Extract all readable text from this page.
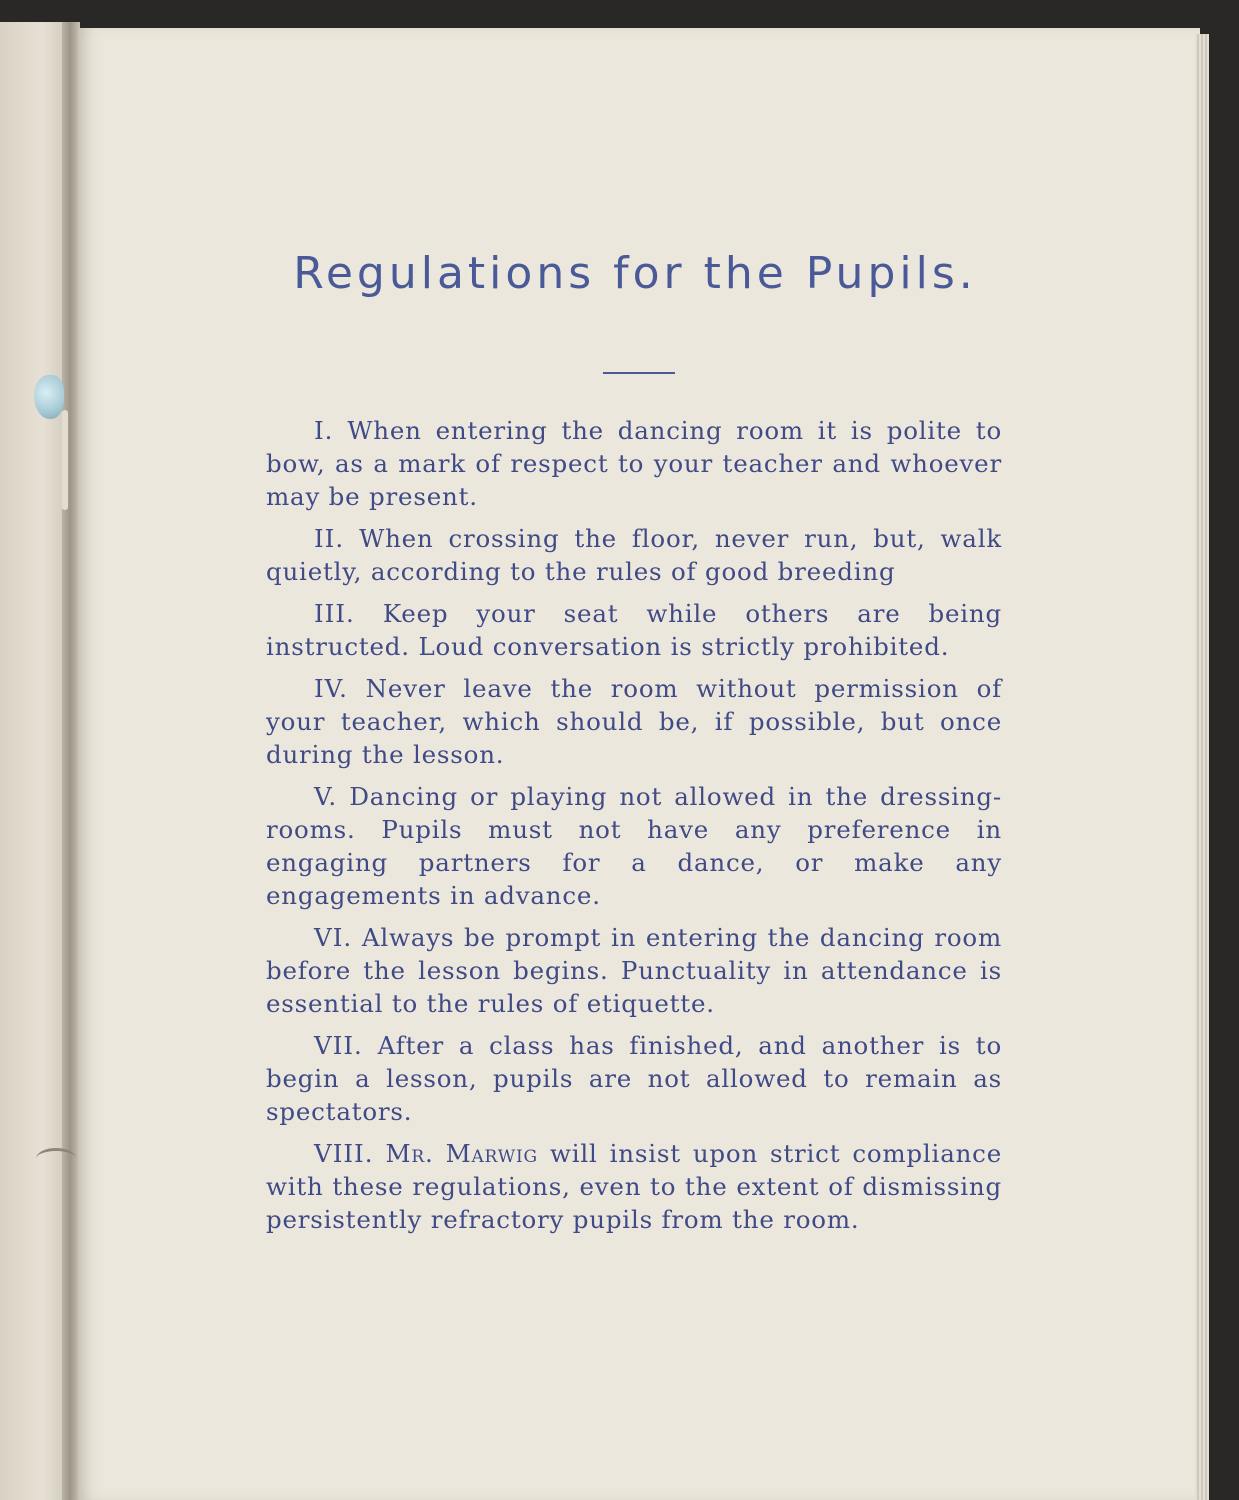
Regulations for the Pupils.

I. When entering the dancing room it is polite to bow, as a mark of respect to your teacher and whoever may be present.

II. When crossing the floor, never run, but, walk quietly, according to the rules of good breeding

III. Keep your seat while others are being instructed. Loud conversation is strictly prohibited.

IV. Never leave the room without permission of your teacher, which should be, if possible, but once during the lesson.

V. Dancing or playing not allowed in the dressing-rooms. Pupils must not have any preference in engaging partners for a dance, or make any engagements in advance.

VI. Always be prompt in entering the dancing room before the lesson begins. Punctuality in attendance is essential to the rules of etiquette.

VII. After a class has finished, and another is to begin a lesson, pupils are not allowed to remain as spectators.

VIII. Mr. Marwig will insist upon strict compliance with these regulations, even to the extent of dismissing persistently refractory pupils from the room.
